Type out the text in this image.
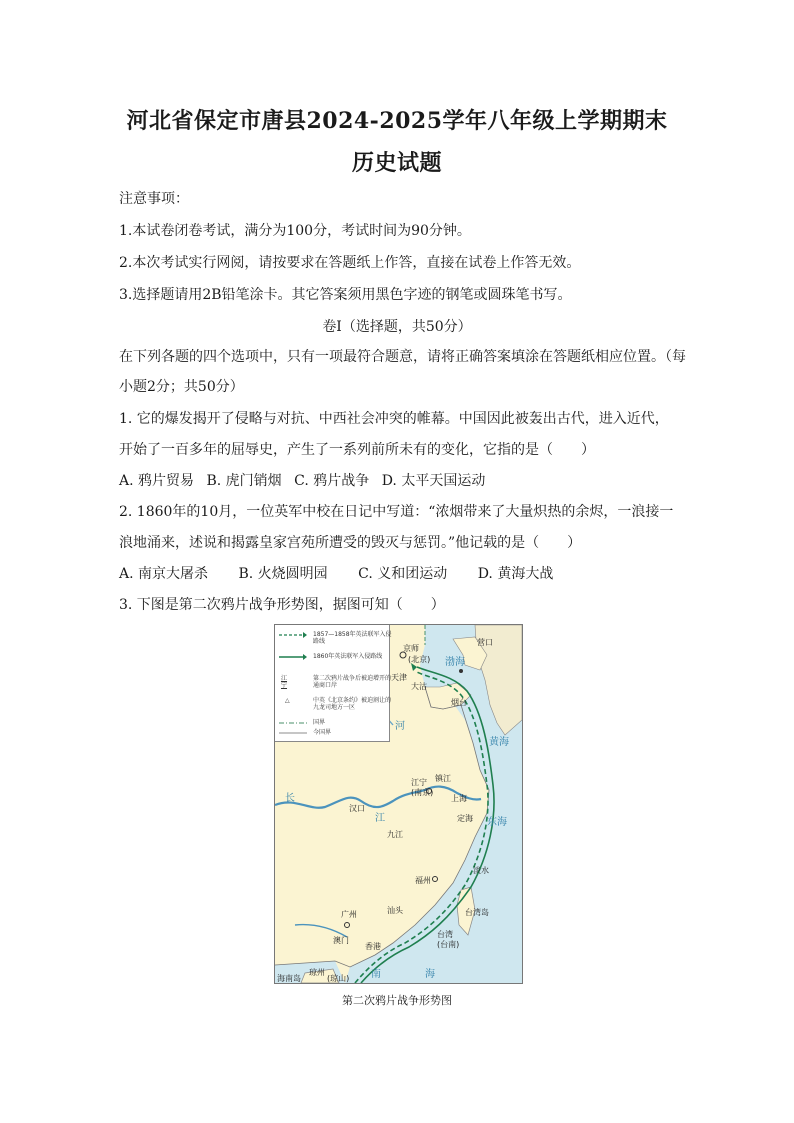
河北省保定市唐县2024-2025学年八年级上学期期末
历史试题
注意事项：
1.本试卷闭卷考试，满分为100分，考试时间为90分钟。
2.本次考试实行网阅，请按要求在答题纸上作答，直接在试卷上作答无效。
3.选择题请用2B铅笔涂卡。其它答案须用黑色字迹的钢笔或圆珠笔书写。
卷Ⅰ（选择题，共50分）
在下列各题的四个选项中，只有一项最符合题意，请将正确答案填涂在答题纸相应位置。（每
小题2分；共50分）
1. 它的爆发揭开了侵略与对抗、中西社会冲突的帷幕。中国因此被轰出古代，进入近代，
开始了一百多年的屈辱史，产生了一系列前所未有的变化，它指的是（　　）
A. 鸦片贸易 B. 虎门销烟 C. 鸦片战争 D. 太平天国运动
2. 1860年的10月，一位英军中校在日记中写道：“浓烟带来了大量炽热的余烬，一浪接一
浪地涌来，述说和揭露皇家宫苑所遭受的毁灭与惩罚。”他记载的是（　　）
A. 南京大屠杀 B. 火烧圆明园 C. 义和团运动 D. 黄海大战
3. 下图是第二次鸦片战争形势图，据图可知（　　）
京师
(北京)
天津
大沽
营口
烟台
江宁
(南京)
镇江
上海
定海
汉口
九江
福州
淡水
台湾
(台南)
汕头
广州
澳门
香港
琼州
(琼山)
海南岛
台湾岛
渤海
黄海
东海
南	海
河
长
江
1857—1858年英法联军入侵路线
1860年英法联军入侵路线
江宁
第二次鸦片战争后被迫增开的通商口岸
△	中英《北京条约》被迫割让的九龙司地方一区
国界
今国界
第二次鸦片战争形势图
